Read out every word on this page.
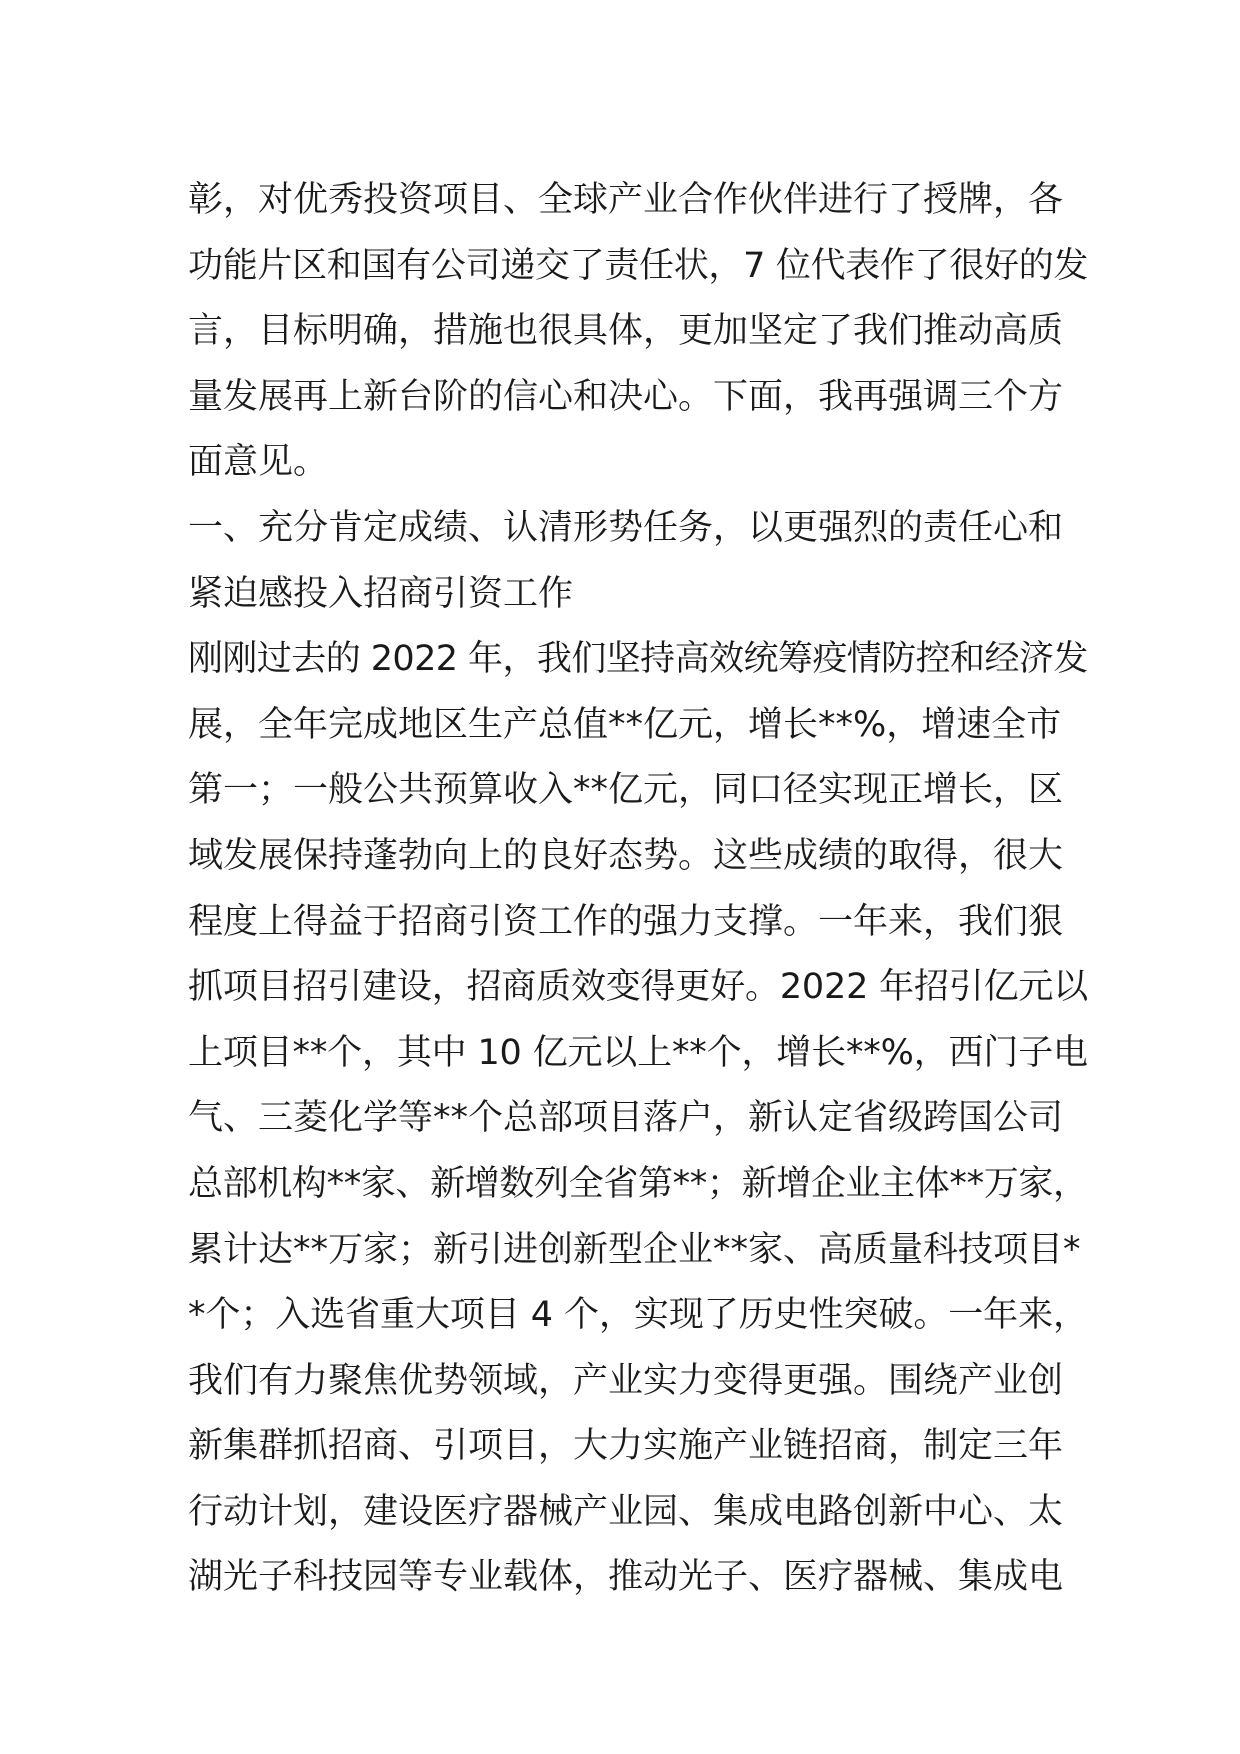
彰，对优秀投资项目、全球产业合作伙伴进行了授牌，各
功能片区和国有公司递交了责任状，7 位代表作了很好的发
言，目标明确，措施也很具体，更加坚定了我们推动高质
量发展再上新台阶的信心和决心。下面，我再强调三个方
面意见。
一、充分肯定成绩、认清形势任务，以更强烈的责任心和
紧迫感投入招商引资工作
刚刚过去的 2022 年，我们坚持高效统筹疫情防控和经济发
展，全年完成地区生产总值**亿元，增长**%，增速全市
第一；一般公共预算收入**亿元，同口径实现正增长，区
域发展保持蓬勃向上的良好态势。这些成绩的取得，很大
程度上得益于招商引资工作的强力支撑。一年来，我们狠
抓项目招引建设，招商质效变得更好。2022 年招引亿元以
上项目**个，其中 10 亿元以上**个，增长**%，西门子电
气、三菱化学等**个总部项目落户，新认定省级跨国公司
总部机构**家、新增数列全省第**；新增企业主体**万家，
累计达**万家；新引进创新型企业**家、高质量科技项目*
*个；入选省重大项目 4 个，实现了历史性突破。一年来，
我们有力聚焦优势领域，产业实力变得更强。围绕产业创
新集群抓招商、引项目，大力实施产业链招商，制定三年
行动计划，建设医疗器械产业园、集成电路创新中心、太
湖光子科技园等专业载体，推动光子、医疗器械、集成电
